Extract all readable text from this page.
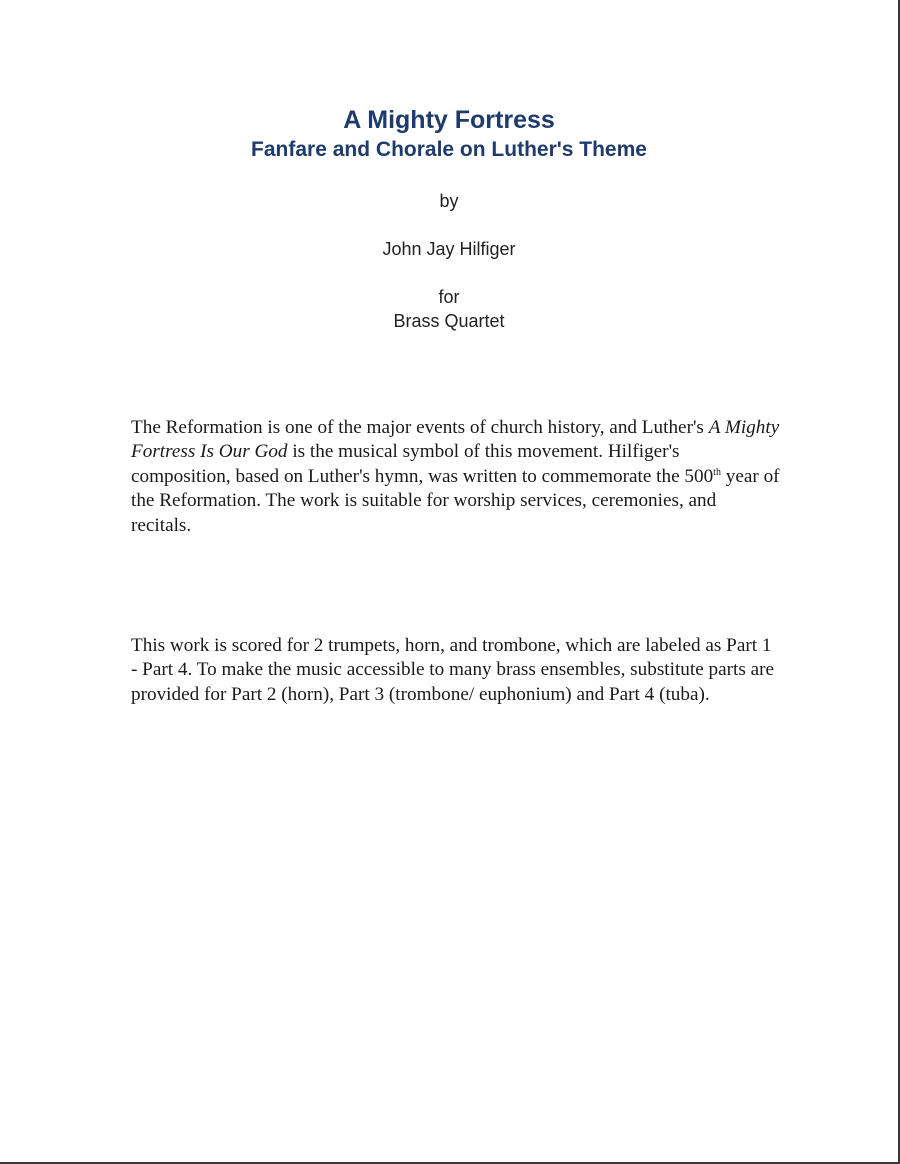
A Mighty Fortress
Fanfare and Chorale on Luther's Theme
by
John Jay Hilfiger
for
Brass Quartet
The Reformation is one of the major events of church history, and Luther's A Mighty Fortress Is Our God is the musical symbol of this movement. Hilfiger's composition, based on Luther's hymn, was written to commemorate the 500th year of the Reformation. The work is suitable for worship services, ceremonies, and recitals.
This work is scored for 2 trumpets, horn, and trombone, which are labeled as Part 1 - Part 4. To make the music accessible to many brass ensembles, substitute parts are provided for Part 2 (horn), Part 3 (trombone/ euphonium) and Part 4 (tuba).
